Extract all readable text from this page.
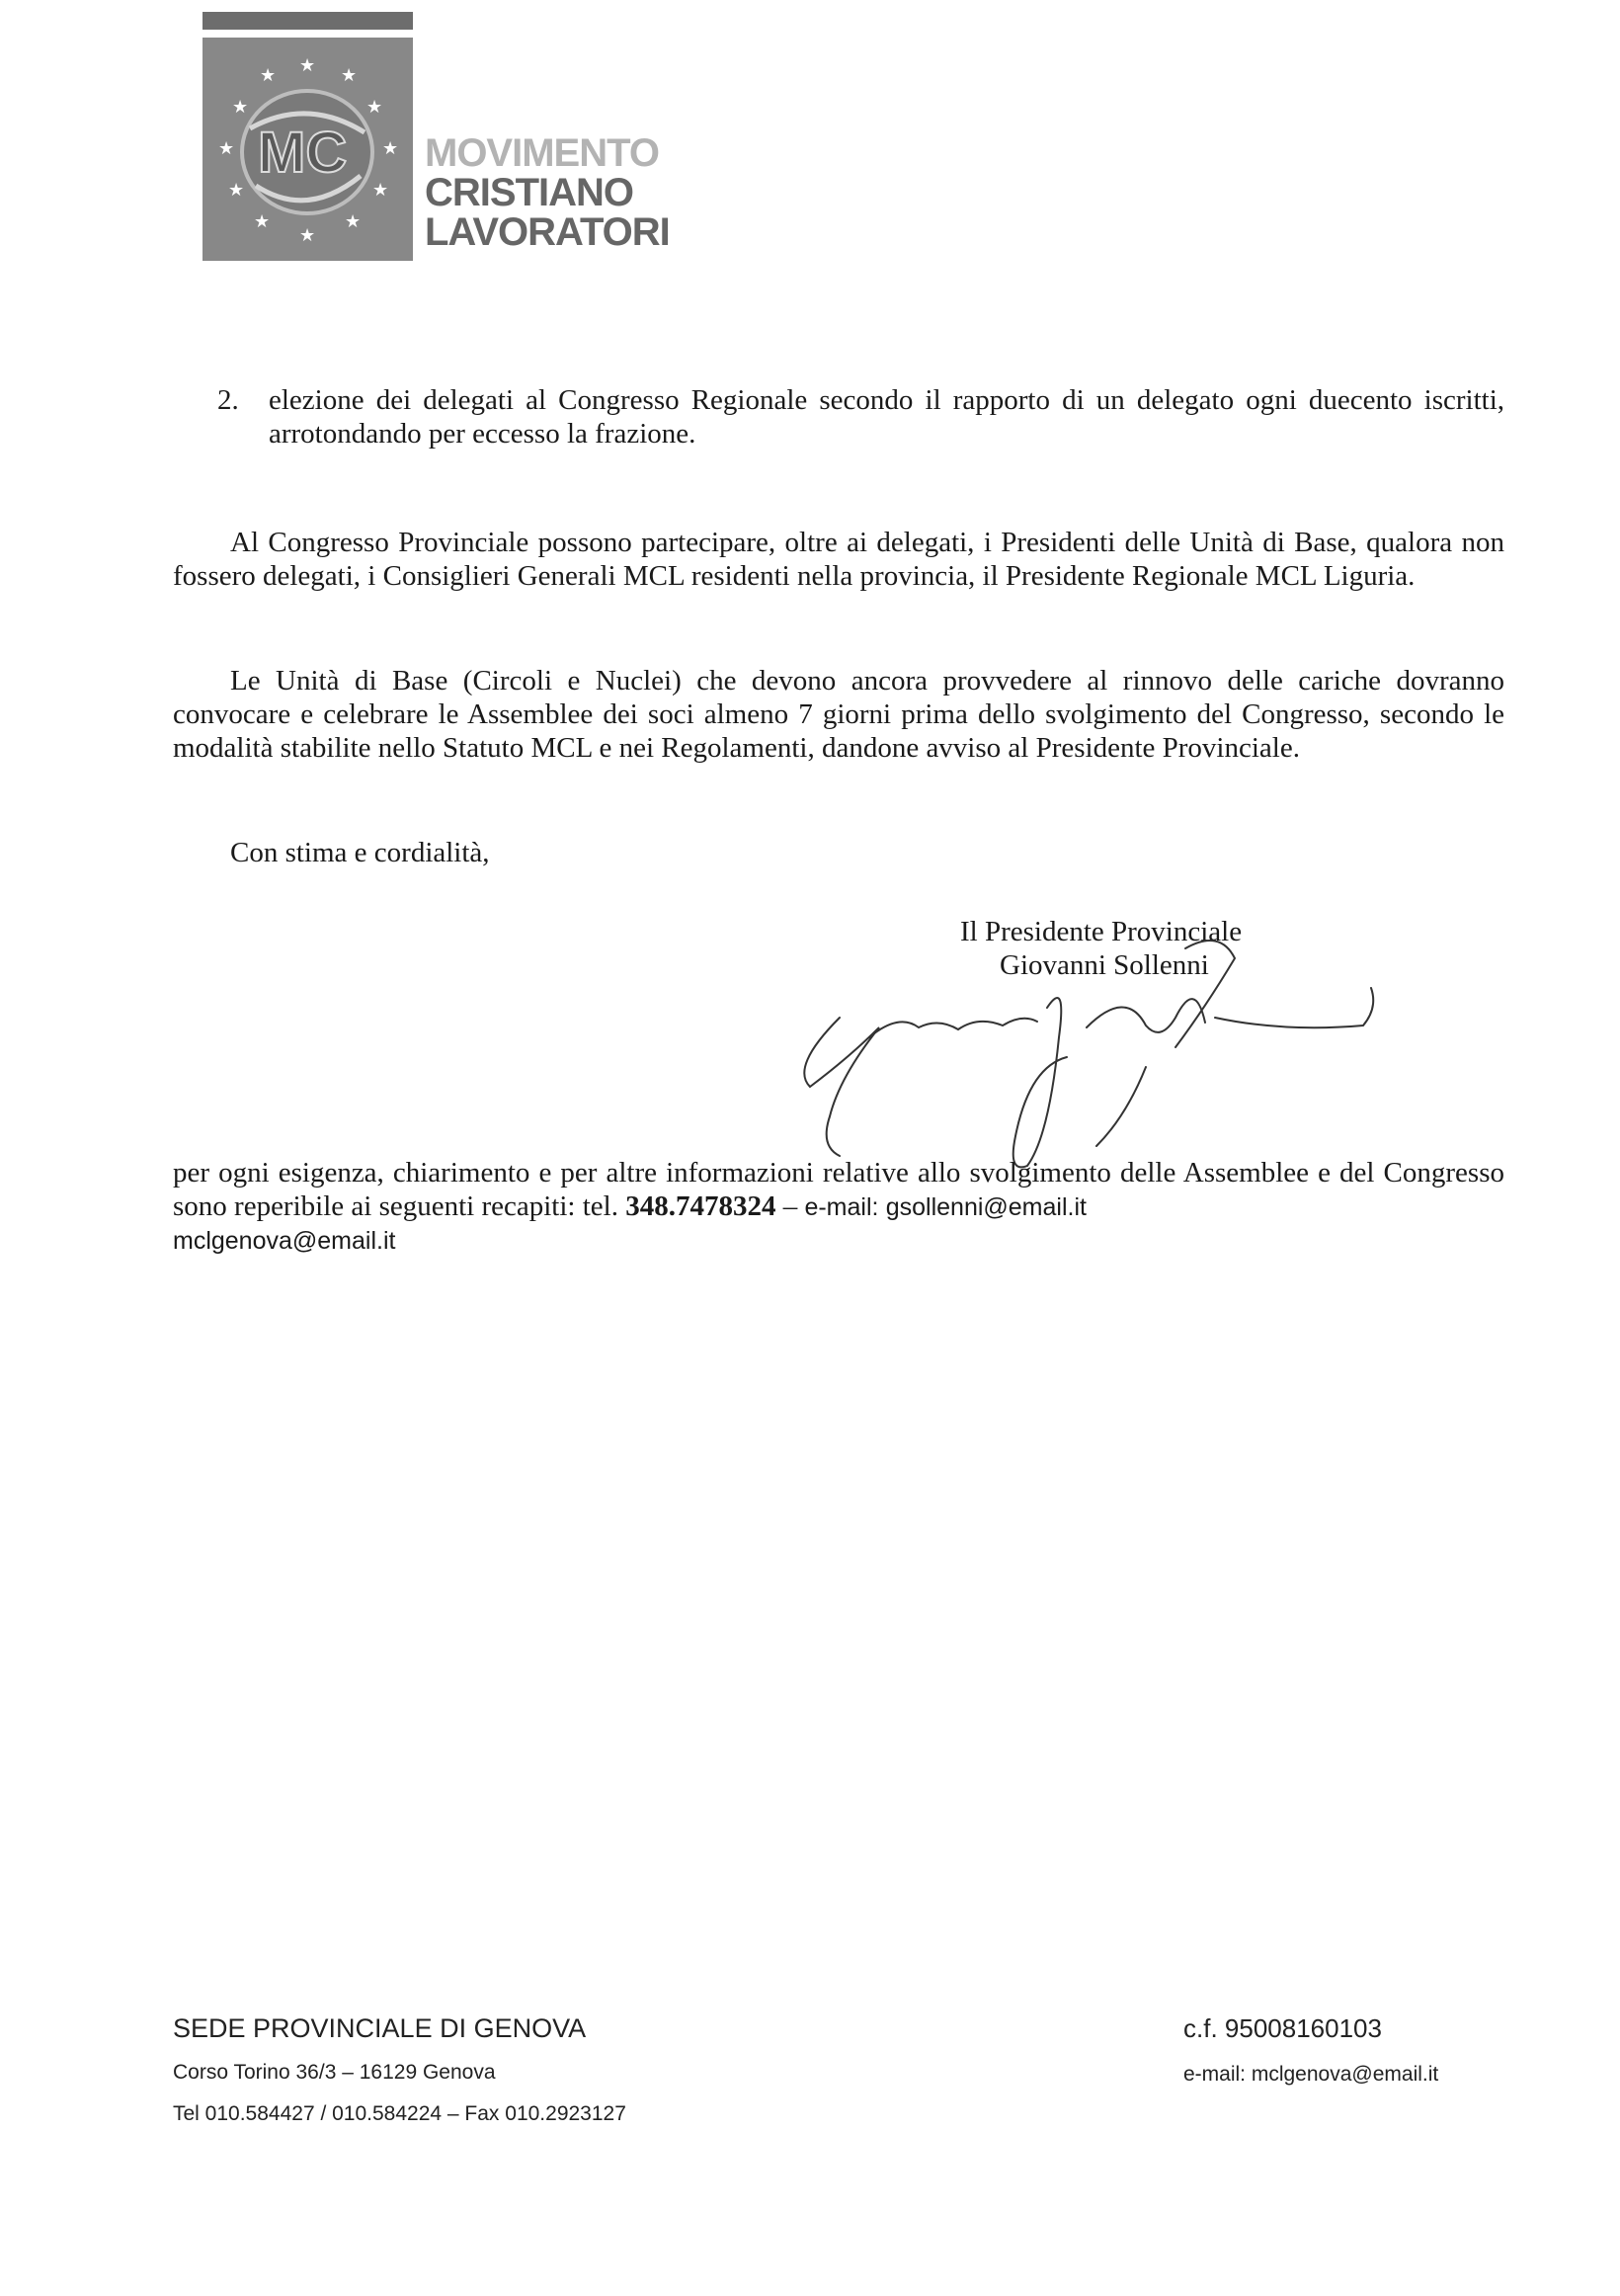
★
★	★
★	★
★	★
★	★
★	★
★
MC MOVIMENTO
CRISTIANO
LAVORATORI
2. elezione dei delegati al Congresso Regionale secondo il rapporto di un delegato ogni duecento iscritti, arrotondando per eccesso la frazione.
Al Congresso Provinciale possono partecipare, oltre ai delegati, i Presidenti delle Unità di Base, qualora non fossero delegati, i Consiglieri Generali MCL residenti nella provincia, il Presidente Regionale MCL Liguria.
Le Unità di Base (Circoli e Nuclei) che devono ancora provvedere al rinnovo delle cariche dovranno convocare e celebrare le Assemblee dei soci almeno 7 giorni prima dello svolgimento del Congresso, secondo le modalità stabilite nello Statuto MCL e nei Regolamenti, dandone avviso al Presidente Provinciale.
Con stima e cordialità,
Il Presidente Provinciale
Giovanni Sollenni
per ogni esigenza, chiarimento e per altre informazioni relative allo svolgimento delle Assemblee e del Congresso sono reperibile ai seguenti recapiti: tel. 348.7478324 – e-mail: gsollenni@email.it
mclgenova@email.it
SEDE PROVINCIALE DI GENOVA
Corso Torino 36/3 – 16129 Genova
Tel 010.584427 / 010.584224 – Fax 010.2923127
c.f. 95008160103
e-mail: mclgenova@email.it
